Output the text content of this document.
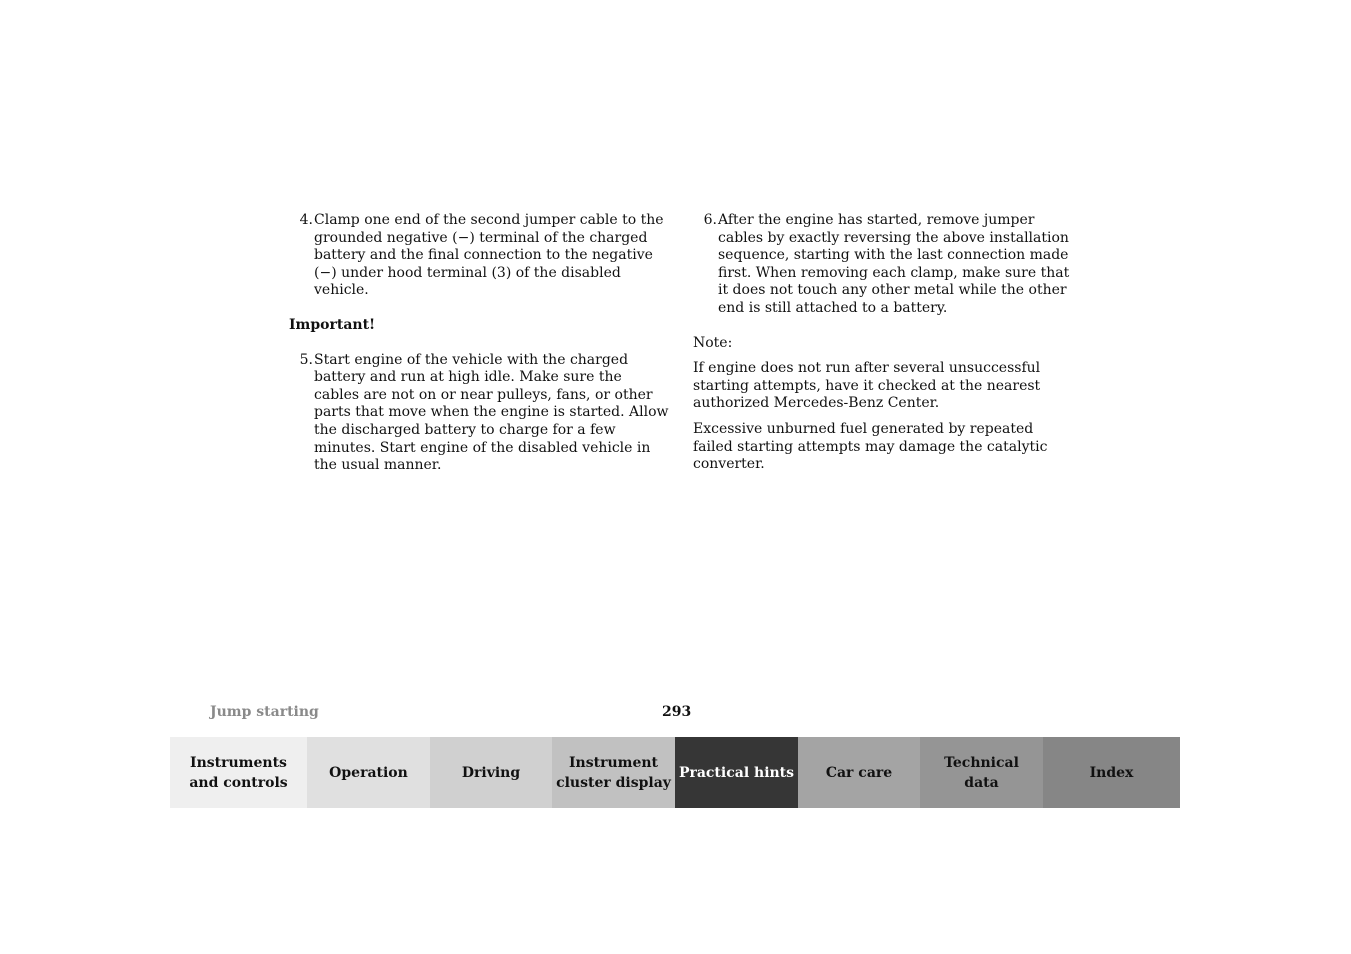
4. Clamp one end of the second jumper cable to the grounded negative (−) terminal of the charged battery and the final connection to the negative (−) under hood terminal (3) of the disabled vehicle.
Important!
5. Start engine of the vehicle with the charged battery and run at high idle. Make sure the cables are not on or near pulleys, fans, or other parts that move when the engine is started. Allow the discharged battery to charge for a few minutes. Start engine of the disabled vehicle in the usual manner.
6. After the engine has started, remove jumper cables by exactly reversing the above installation sequence, starting with the last connection made first. When removing each clamp, make sure that it does not touch any other metal while the other end is still attached to a battery.
Note:
If engine does not run after several unsuccessful starting attempts, have it checked at the nearest authorized Mercedes-Benz Center.
Excessive unburned fuel generated by repeated failed starting attempts may damage the catalytic converter.
Jump starting	293
Instruments
and controls
Operation	Driving
Instrument
cluster display
Practical hints	Car care
Technical
data
Index
